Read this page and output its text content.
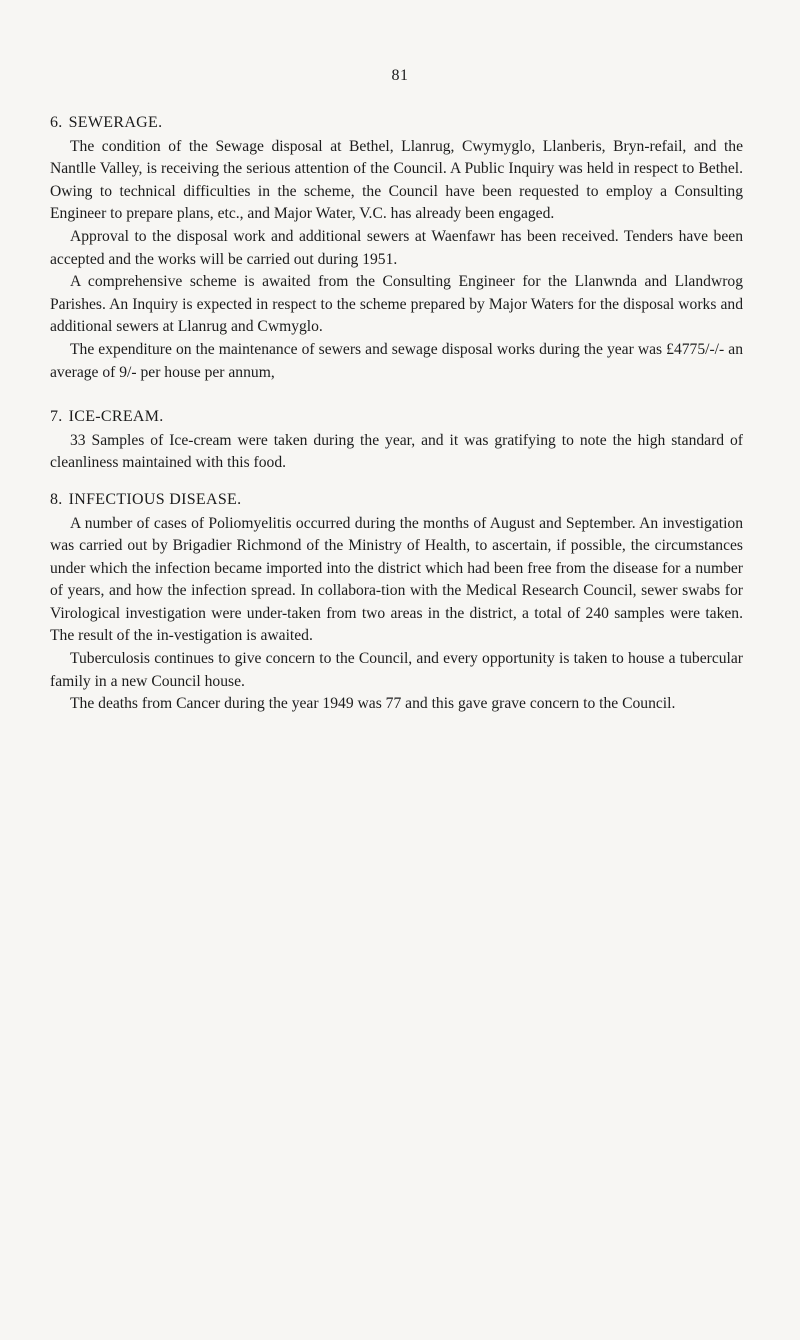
81
6. SEWERAGE.

The condition of the Sewage disposal at Bethel, Llanrug, Cwymyglo, Llanberis, Bryn-refail, and the Nantlle Valley, is receiving the serious attention of the Council. A Public Inquiry was held in respect to Bethel. Owing to technical difficulties in the scheme, the Council have been requested to employ a Consulting Engineer to prepare plans, etc., and Major Water, V.C. has already been engaged.

Approval to the disposal work and additional sewers at Waenfawr has been received. Tenders have been accepted and the works will be carried out during 1951.

A comprehensive scheme is awaited from the Consulting Engineer for the Llanwnda and Llandwrog Parishes. An Inquiry is expected in respect to the scheme prepared by Major Waters for the disposal works and additional sewers at Llanrug and Cwmyglo.

The expenditure on the maintenance of sewers and sewage disposal works during the year was £4775/-/- an average of 9/- per house per annum,

7. ICE-CREAM.

33 Samples of Ice-cream were taken during the year, and it was gratifying to note the high standard of cleanliness maintained with this food.

8. INFECTIOUS DISEASE.

A number of cases of Poliomyelitis occurred during the months of August and September. An investigation was carried out by Brigadier Richmond of the Ministry of Health, to ascertain, if possible, the circumstances under which the infection became imported into the district which had been free from the disease for a number of years, and how the infection spread. In collabora-tion with the Medical Research Council, sewer swabs for Virological investigation were under-taken from two areas in the district, a total of 240 samples were taken. The result of the in-vestigation is awaited.

Tuberculosis continues to give concern to the Council, and every opportunity is taken to house a tubercular family in a new Council house.

The deaths from Cancer during the year 1949 was 77 and this gave grave concern to the Council.
